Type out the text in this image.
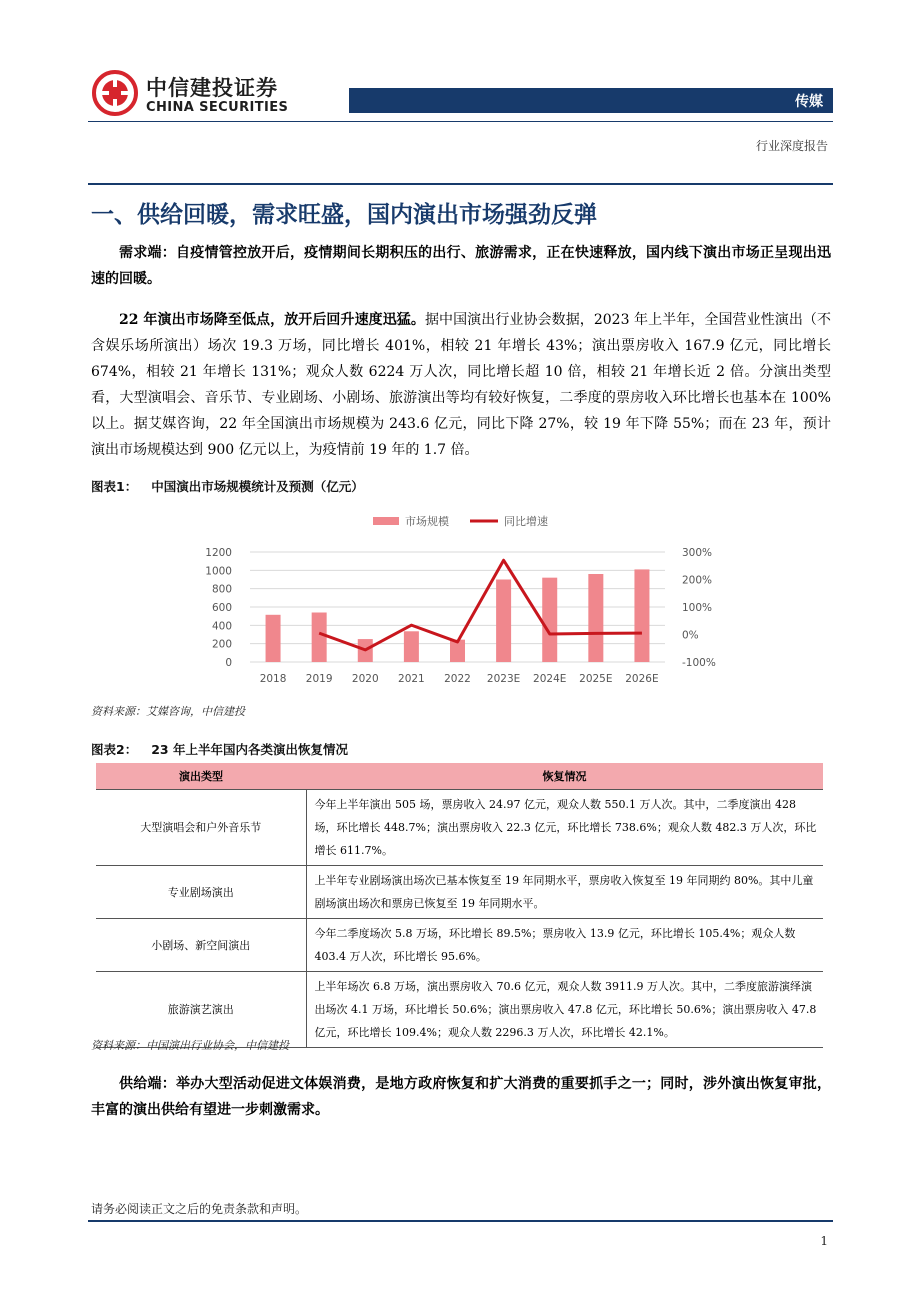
中信建投证券
CHINA SECURITIES	传媒
行业深度报告
一、供给回暖，需求旺盛，国内演出市场强劲反弹
需求端：自疫情管控放开后，疫情期间长期积压的出行、旅游需求，正在快速释放，国内线下演出市场正呈现出迅速的回暖。
22 年演出市场降至低点，放开后回升速度迅猛。据中国演出行业协会数据，2023 年上半年，全国营业性演出（不含娱乐场所演出）场次 19.3 万场，同比增长 401%，相较 21 年增长 43%；演出票房收入 167.9 亿元，同比增长 674%，相较 21 年增长 131%；观众人数 6224 万人次，同比增长超 10 倍，相较 21 年增长近 2 倍。分演出类型看，大型演唱会、音乐节、专业剧场、小剧场、旅游演出等均有较好恢复，二季度的票房收入环比增长也基本在 100%以上。据艾媒咨询，22 年全国演出市场规模为 243.6 亿元，同比下降 27%，较 19 年下降 55%；而在 23 年，预计演出市场规模达到 900 亿元以上，为疫情前 19 年的 1.7 倍。
图表1： 中国演出市场规模统计及预测（亿元）
市场规模	同比增速
0
200
400
600
800
1000
1200
-100%
0%
100%
200%
300%
2018 2019 2020 2021 2022 2023E 2024E 2025E 2026E
资料来源：艾媒咨询，中信建投
图表2： 23 年上半年国内各类演出恢复情况
演出类型	恢复情况
大型演唱会和户外音乐节	今年上半年演出 505 场，票房收入 24.97 亿元，观众人数 550.1 万人次。其中，二季度演出 428 场，环比增长 448.7%；演出票房收入 22.3 亿元，环比增长 738.6%；观众人数 482.3 万人次，环比增长 611.7%。
专业剧场演出	上半年专业剧场演出场次已基本恢复至 19 年同期水平，票房收入恢复至 19 年同期约 80%。其中儿童剧场演出场次和票房已恢复至 19 年同期水平。
小剧场、新空间演出	今年二季度场次 5.8 万场，环比增长 89.5%；票房收入 13.9 亿元，环比增长 105.4%；观众人数 403.4 万人次，环比增长 95.6%。
旅游演艺演出	上半年场次 6.8 万场，演出票房收入 70.6 亿元，观众人数 3911.9 万人次。其中，二季度旅游演绎演出场次 4.1 万场，环比增长 50.6%；演出票房收入 47.8 亿元，环比增长 50.6%；演出票房收入 47.8 亿元，环比增长 109.4%；观众人数 2296.3 万人次，环比增长 42.1%。
资料来源：中国演出行业协会，中信建投
供给端：举办大型活动促进文体娱消费，是地方政府恢复和扩大消费的重要抓手之一；同时，涉外演出恢复审批，丰富的演出供给有望进一步刺激需求。
请务必阅读正文之后的免责条款和声明。
1
